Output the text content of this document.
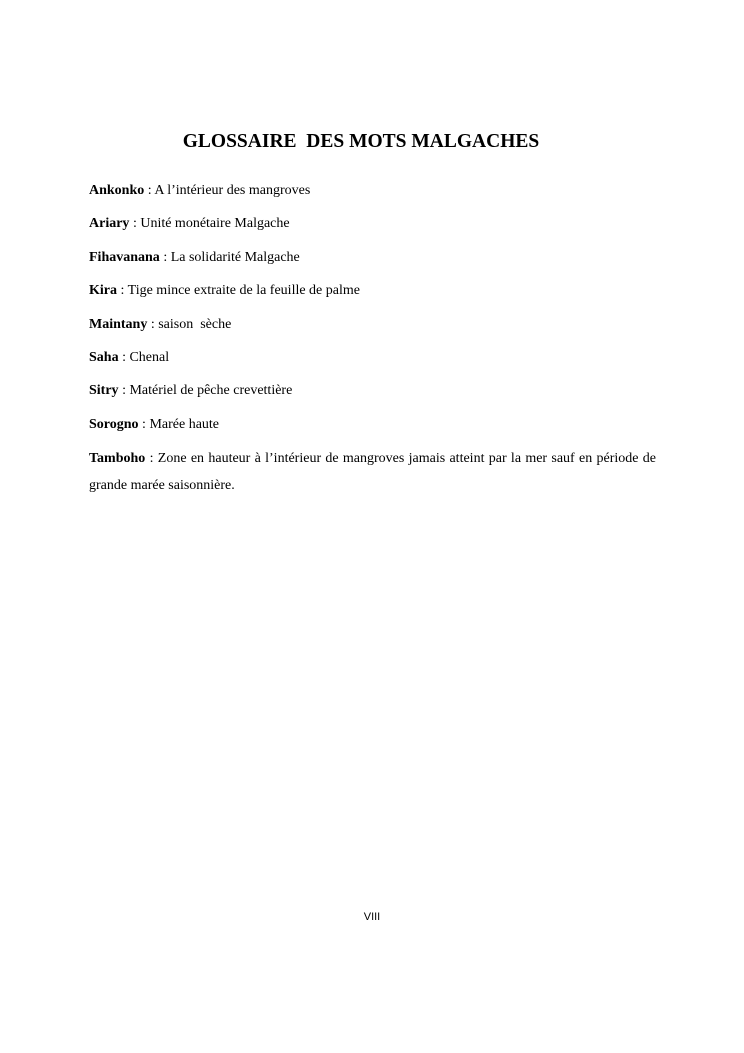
GLOSSAIRE  DES MOTS MALGACHES
Ankonko : A l’intérieur des mangroves
Ariary : Unité monétaire Malgache
Fihavanana : La solidarité Malgache
Kira : Tige mince extraite de la feuille de palme
Maintany : saison  sèche
Saha : Chenal
Sitry : Matériel de pêche crevettière
Sorogno : Marée haute
Tamboho : Zone en hauteur à l’intérieur de mangroves jamais atteint par la mer sauf en période de grande marée saisonnière.

VIII
